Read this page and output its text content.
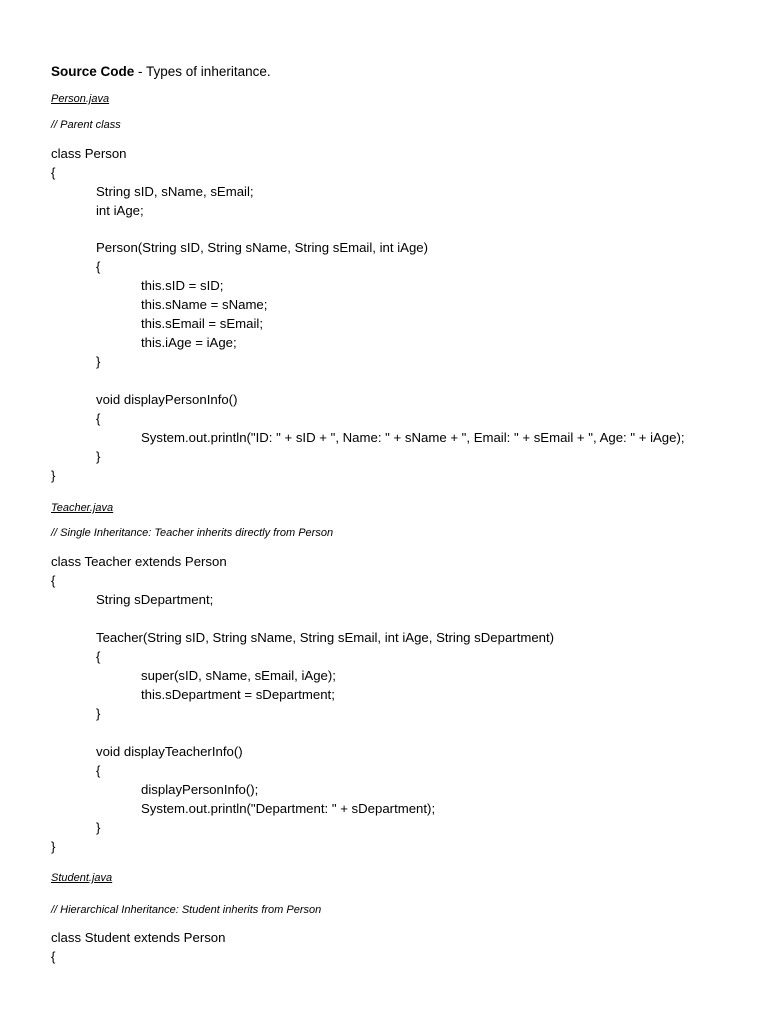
Source Code - Types of inheritance.
Person.java
// Parent class
class Person
{
String sID, sName, sEmail;
int iAge;
Person(String sID, String sName, String sEmail, int iAge)
{
this.sID = sID;
this.sName = sName;
this.sEmail = sEmail;
this.iAge = iAge;
}
void displayPersonInfo()
{
System.out.println("ID: " + sID + ", Name: " + sName + ", Email: " + sEmail + ", Age: " + iAge);
}
}
Teacher.java
// Single Inheritance: Teacher inherits directly from Person
class Teacher extends Person
{
String sDepartment;
Teacher(String sID, String sName, String sEmail, int iAge, String sDepartment)
{
super(sID, sName, sEmail, iAge);
this.sDepartment = sDepartment;
}
void displayTeacherInfo()
{
displayPersonInfo();
System.out.println("Department: " + sDepartment);
}
}
Student.java
// Hierarchical Inheritance: Student inherits from Person
class Student extends Person
{
